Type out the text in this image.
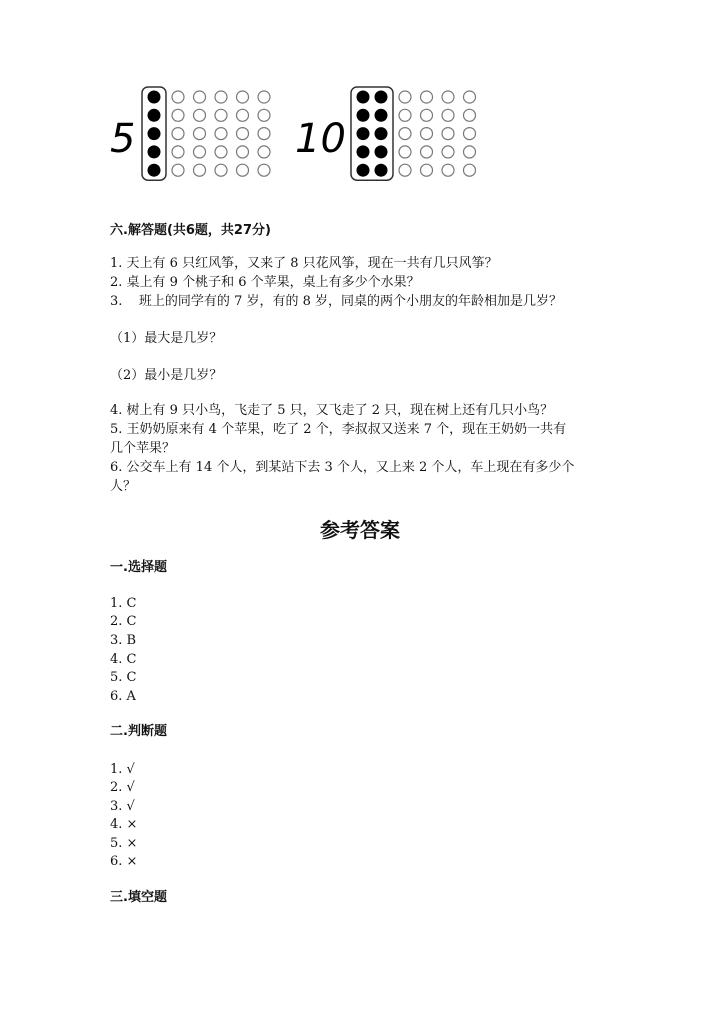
5	10
六.解答题(共6题，共27分)
1. 天上有 6 只红风筝，又来了 8 只花风筝，现在一共有几只风筝？
2. 桌上有 9 个桃子和 6 个苹果，桌上有多少个水果？
3.    班上的同学有的 7 岁，有的 8 岁，同桌的两个小朋友的年龄相加是几岁？
（1）最大是几岁？
（2）最小是几岁？
4. 树上有 9 只小鸟，飞走了 5 只，又飞走了 2 只，现在树上还有几只小鸟？
5. 王奶奶原来有 4 个苹果，吃了 2 个，李叔叔又送来 7 个，现在王奶奶一共有
几个苹果？
6. 公交车上有 14 个人，到某站下去 3 个人，又上来 2 个人，车上现在有多少个
人？
参考答案
一.选择题
1. C
2. C
3. B
4. C
5. C
6. A
二.判断题
1. √
2. √
3. √
4. ×
5. ×
6. ×
三.填空题
